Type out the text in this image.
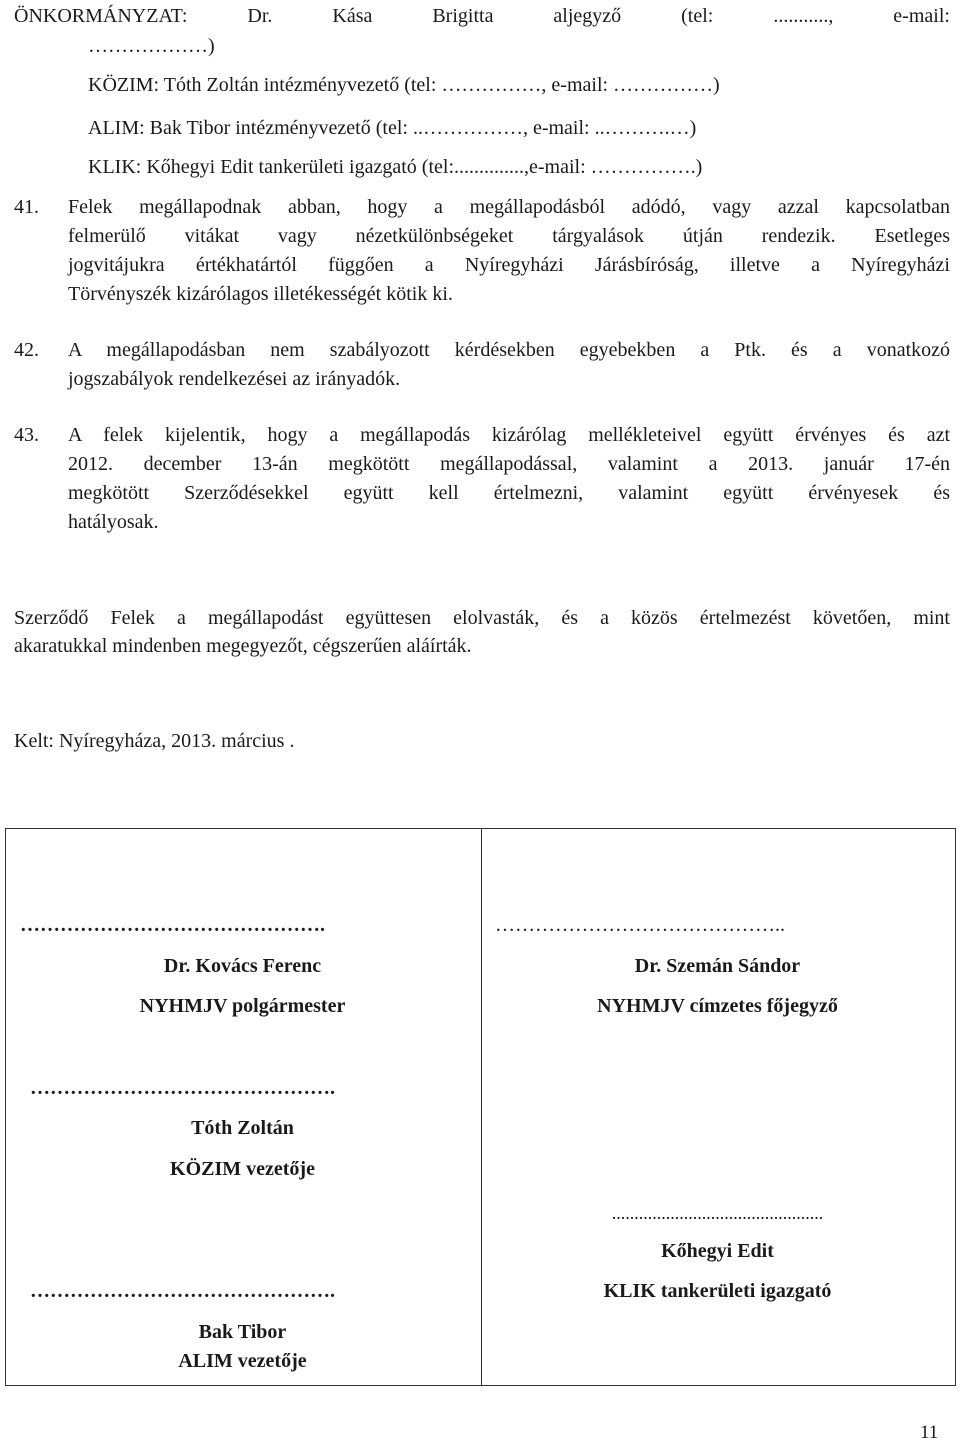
ÖNKORMÁNYZAT:	Dr.	Kása	Brigitta	aljegyző	(tel:	...........,	e-mail:
………………)
KÖZIM: Tóth Zoltán intézményvezető (tel: ……………, e-mail: ……………)
ALIM: Bak Tibor intézményvezető (tel: ..……………, e-mail: ..……….…)
KLIK: Kőhegyi Edit tankerületi igazgató (tel:..............,e-mail: …………….)
41. Felek megállapodnak abban, hogy a megállapodásból adódó, vagy azzal kapcsolatban
felmerülő vitákat vagy nézetkülönbségeket tárgyalások útján rendezik. Esetleges
jogvitájukra értékhatártól függően a Nyíregyházi Járásbíróság, illetve a Nyíregyházi
Törvényszék kizárólagos illetékességét kötik ki.
42. A megállapodásban nem szabályozott kérdésekben egyebekben a Ptk. és a vonatkozó
jogszabályok rendelkezései az irányadók.
43. A felek kijelentik, hogy a megállapodás kizárólag mellékleteivel együtt érvényes és azt
2012. december 13-án megkötött megállapodással, valamint a 2013. január 17-én
megkötött Szerződésekkel együtt kell értelmezni, valamint együtt érvényesek és
hatályosak.
Szerződő Felek a megállapodást együttesen elolvasták, és a közös értelmezést követően, mint
akaratukkal mindenben megegyezőt, cégszerűen aláírták.
Kelt: Nyíregyháza, 2013. március .
……………………………………….
Dr. Kovács Ferenc
NYHMJV polgármester
……………………………………….
Tóth Zoltán
KÖZIM vezetője
……………………………………….
Bak Tibor
ALIM vezetője
……………………………………..
Dr. Szemán Sándor
NYHMJV címzetes főjegyző
...............................................
Kőhegyi Edit
KLIK tankerületi igazgató
11
